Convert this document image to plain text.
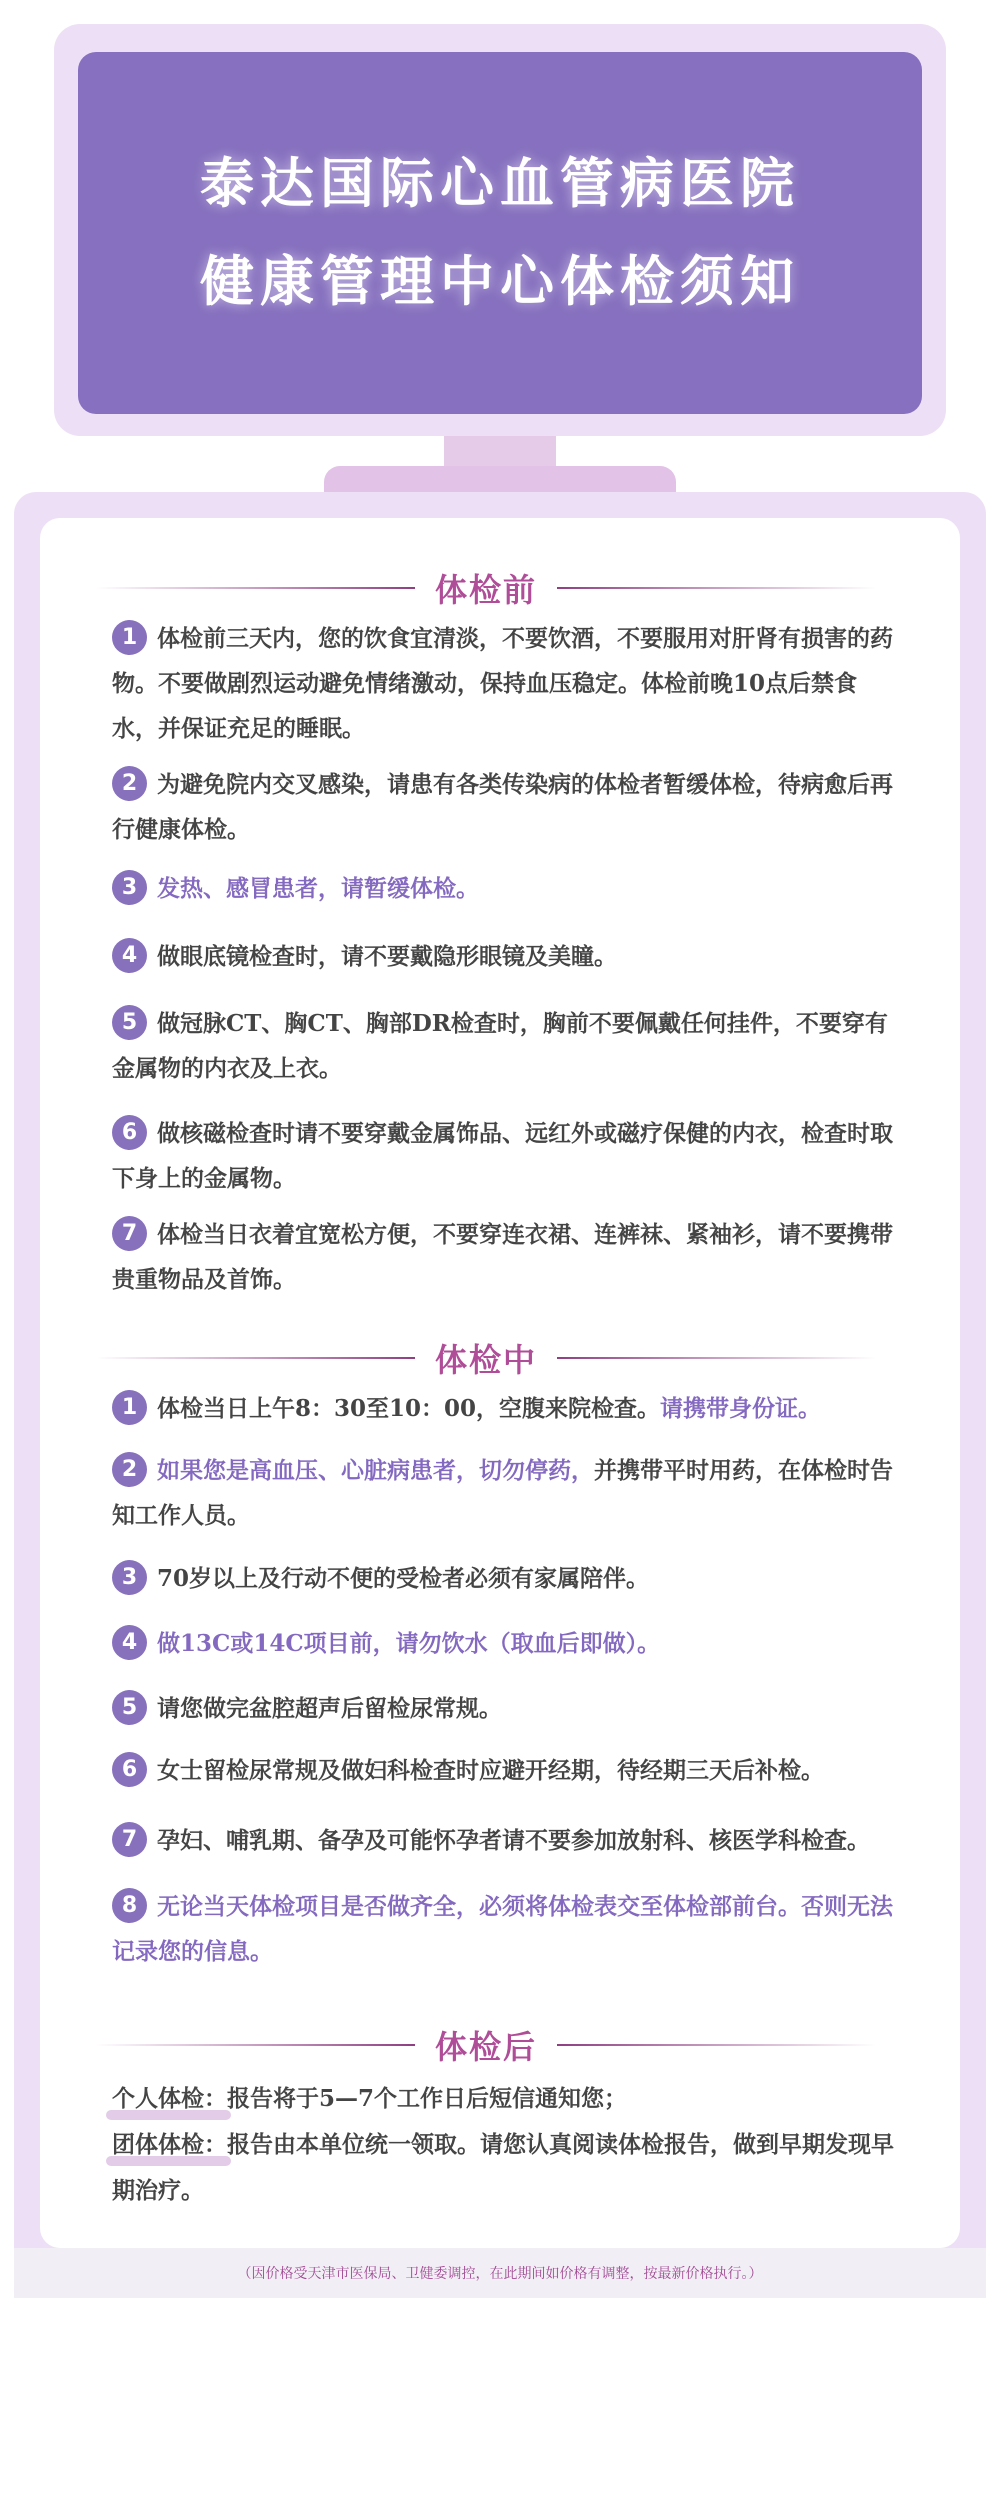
泰达国际心血管病医院
健康管理中心体检须知
体检前
1 体检前三天内，您的饮食宜清淡，不要饮酒，不要服用对肝肾有损害的药物。不要做剧烈运动避免情绪激动，保持血压稳定。体检前晚10点后禁食水，并保证充足的睡眠。
2 为避免院内交叉感染，请患有各类传染病的体检者暂缓体检，待病愈后再行健康体检。
3 发热、感冒患者，请暂缓体检。
4 做眼底镜检查时，请不要戴隐形眼镜及美瞳。
5 做冠脉CT、胸CT、胸部DR检查时，胸前不要佩戴任何挂件，不要穿有金属物的内衣及上衣。
6 做核磁检查时请不要穿戴金属饰品、远红外或磁疗保健的内衣，检查时取下身上的金属物。
7 体检当日衣着宜宽松方便，不要穿连衣裙、连裤袜、紧袖衫，请不要携带贵重物品及首饰。
体检中
1 体检当日上午8：30至10：00，空腹来院检查。请携带身份证。
2 如果您是高血压、心脏病患者，切勿停药，并携带平时用药，在体检时告知工作人员。
3 70岁以上及行动不便的受检者必须有家属陪伴。
4 做13C或14C项目前，请勿饮水（取血后即做）。
5 请您做完盆腔超声后留检尿常规。
6 女士留检尿常规及做妇科检查时应避开经期，待经期三天后补检。
7 孕妇、哺乳期、备孕及可能怀孕者请不要参加放射科、核医学科检查。
8 无论当天体检项目是否做齐全，必须将体检表交至体检部前台。否则无法记录您的信息。
体检后
个人体检：报告将于5—7个工作日后短信通知您；
团体体检：报告由本单位统一领取。请您认真阅读体检报告，做到早期发现早期治疗。
（因价格受天津市医保局、卫健委调控，在此期间如价格有调整，按最新价格执行。）
